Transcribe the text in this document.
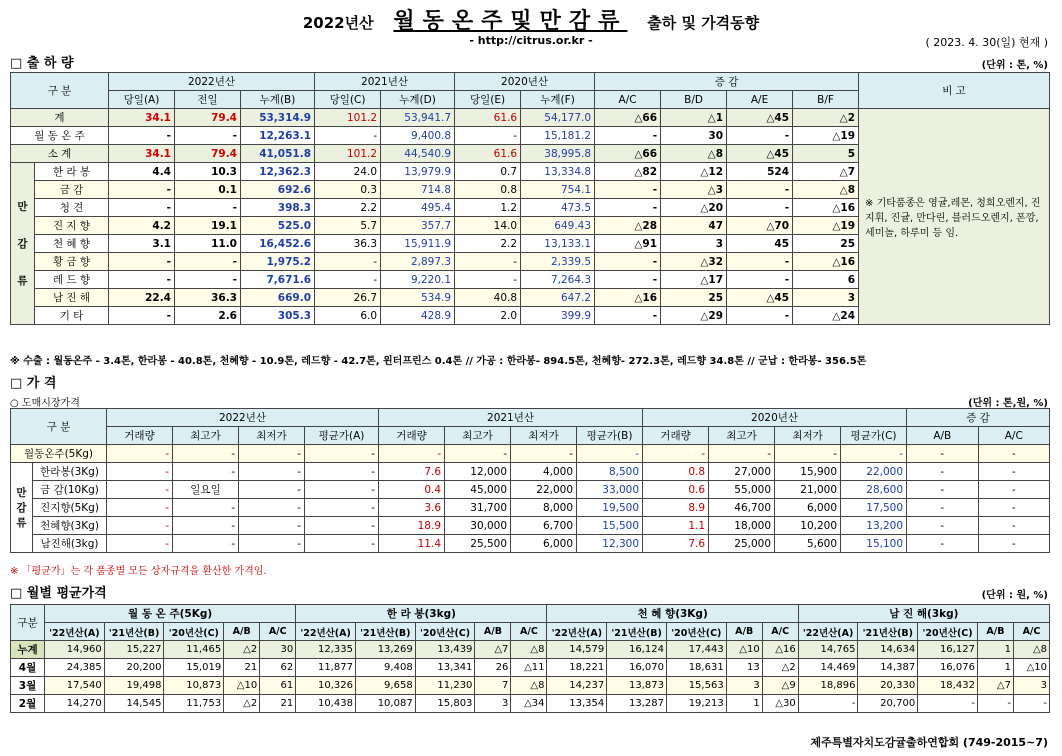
2022년산 월동온주및만감류 출하 및 가격동향
- http://citrus.or.kr -	( 2023. 4. 30(일) 현재 )
□ 출 하 량	(단위 : 톤, %)
구 분		2022년산			2021년산		2020년산		증 감				비 고
		당일(A)	전일	누계(B)	당일(C)	누계(D)	당일(E)	누계(F)	A/C	B/D	A/E	B/F	
계		34.1	79.4	53,314.9	101.2	53,941.7	61.6	54,177.0	△66	△1	△45	△2	※ 기타품종은 영귤,레몬, 청희오렌지, 진지휘, 진귤, 만다린, 블러드오렌지, 폰깡,세미놀, 하루미 등 임.
월 동 온 주		-	-	12,263.1	-	9,400.8	-	15,181.2	-	30	-	△19	
소 계		34.1	79.4	41,051.8	101.2	44,540.9	61.6	38,995.8	△66	△8	△45	5	

만
감
류	한 라 봉	4.4	10.3	12,362.3	24.0	13,979.9	0.7	13,334.8	△82	△12	524	△7	
	금 감	-	0.1	692.6	0.3	714.8	0.8	754.1	-	△3	-	△8	
	청 견	-	-	398.3	2.2	495.4	1.2	473.5	-	△20	-	△16	
	진 지 향	4.2	19.1	525.0	5.7	357.7	14.0	649.43	△28	47	△70	△19	
	천 혜 향	3.1	11.0	16,452.6	36.3	15,911.9	2.2	13,133.1	△91	3	45	25	
	황 금 향	-	-	1,975.2	-	2,897.3	-	2,339.5	-	△32	-	△16	
	레 드 향	-	-	7,671.6	-	9,220.1	-	7,264.3	-	△17	-	6	
	남 진 해	22.4	36.3	669.0	26.7	534.9	40.8	647.2	△16	25	△45	3	
	기 타	-	2.6	305.3	6.0	428.9	2.0	399.9	-	△29	-	△24	
※ 수출 : 월동온주 - 3.4톤, 한라봉 - 40.8톤, 천혜향 - 10.9톤, 레드향 - 42.7톤, 윈터프린스 0.4톤 // 가공 : 한라봉- 894.5톤, 천혜향- 272.3톤, 레드향 34.8톤 // 군납 : 한라봉- 356.5톤
□ 가 격
○ 도매시장가격	(단위 : 톤,원, %)
구 분		2022년산				2021년산				2020년산				증 감	
		거래량	최고가	최저가	평균가(A)	거래량	최고가	최저가	평균가(B)	거래량	최고가	최저가	평균가(C)	A/B	A/C
월동온주(5Kg)		-	-	-	-	-	-	-	-	-	-	-	-	-	-

만
감
류	한라봉(3Kg)	-	-	-	-	7.6	12,000	4,000	8,500	0.8	27,000	15,900	22,000	-	-
	금 감(10Kg)	-	일요일	-	-	0.4	45,000	22,000	33,000	0.6	55,000	21,000	28,600	-	-
	진지향(5Kg)	-	-	-	-	3.6	31,700	8,000	19,500	8.9	46,700	6,000	17,500	-	-
	천혜향(3Kg)	-	-	-	-	18.9	30,000	6,700	15,500	1.1	18,000	10,200	13,200	-	-
	남진해(3kg)	-	-	-	-	11.4	25,500	6,000	12,300	7.6	25,000	5,600	15,100	-	-
※ 「평균가」는 각 품종별 모든 상자규격을 환산한 가격임.
□ 월별 평균가격	(단위 : 원, %)
구분	월 동 온 주(5Kg)					한 라 봉(3kg)					천 혜 향(3Kg)					남 진 해(3kg)				
	'22년산(A)	'21년산(B)	'20년산(C)	A/B	A/C	'22년산(A)	'21년산(B)	'20년산(C)	A/B	A/C	'22년산(A)	'21년산(B)	'20년산(C)	A/B	A/C	'22년산(A)	'21년산(B)	'20년산(C)	A/B	A/C
누계	14,960	15,227	11,465	△2	30	12,335	13,269	13,439	△7	△8	14,579	16,124	17,443	△10	△16	14,765	14,634	16,127	1	△8
4월	24,385	20,200	15,019	21	62	11,877	9,408	13,341	26	△11	18,221	16,070	18,631	13	△2	14,469	14,387	16,076	1	△10
3월	17,540	19,498	10,873	△10	61	10,326	9,658	11,230	7	△8	14,237	13,873	15,563	3	△9	18,896	20,330	18,432	△7	3
2월	14,270	14,545	11,753	△2	21	10,438	10,087	15,803	3	△34	13,354	13,287	19,213	1	△30	-	20,700	-	-	-
제주특별자치도감귤출하연합회 (749-2015~7)
